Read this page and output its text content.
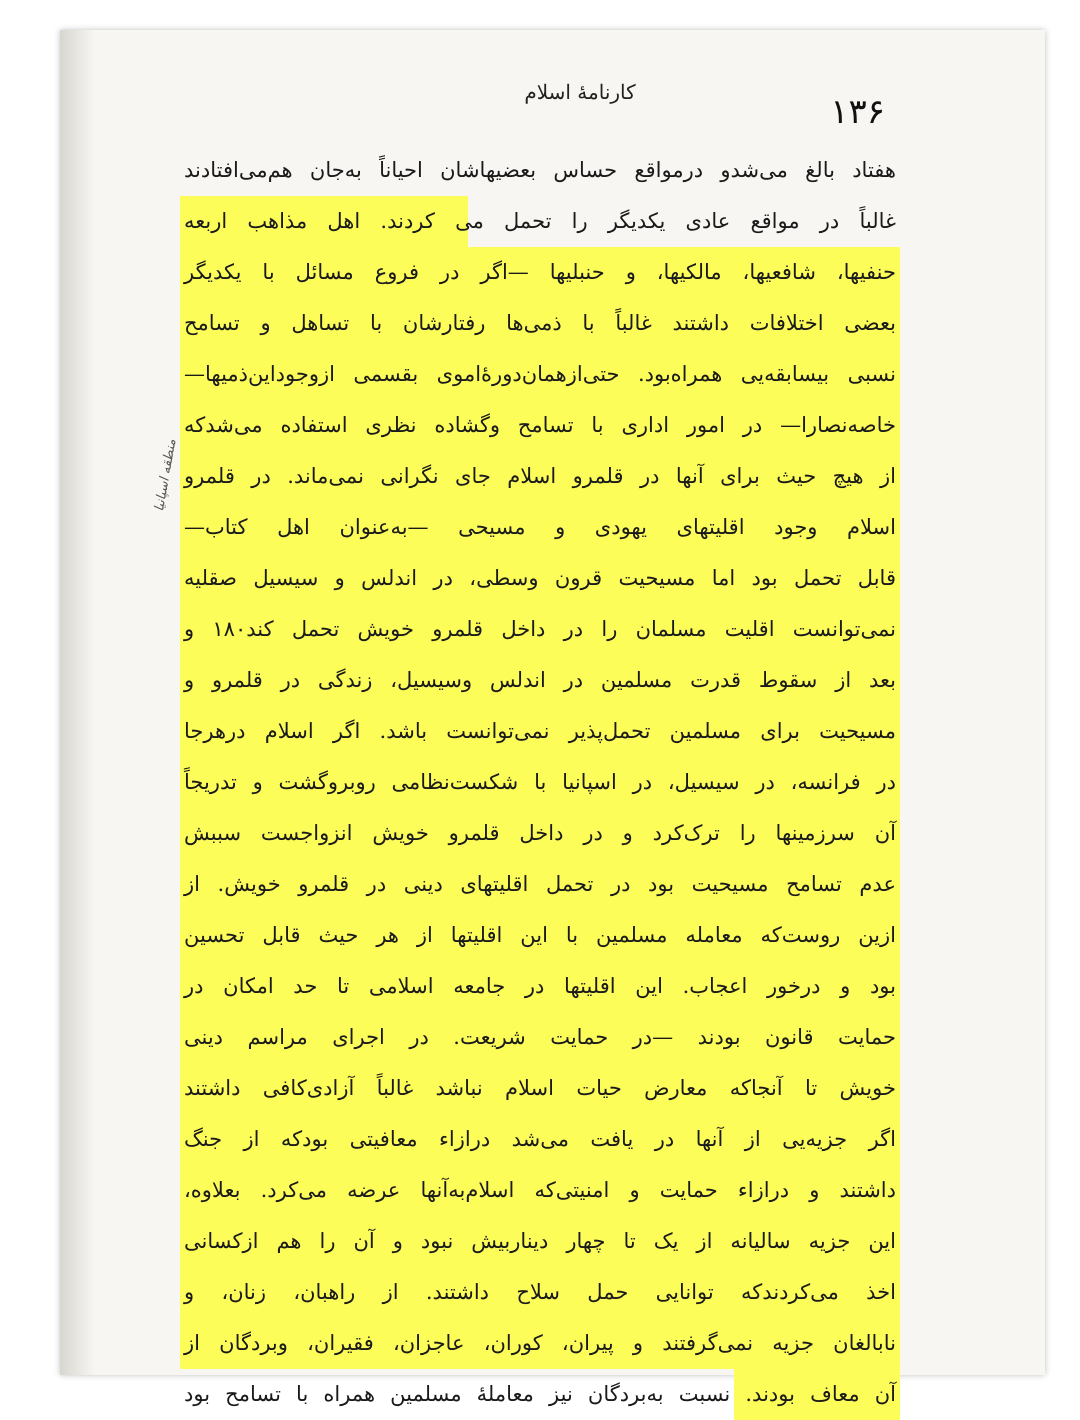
کارنامهٔ اسلام	۱۳۶
منطقه اسپانیا
هفتاد بالغ می‌شدو درمواقع حساس بعضیهاشان احیاناً به‌جان هم‌می‌افتادند
غالباً در مواقع عادی یکدیگر را تحمل می کردند. اهل مذاهب اربعه
حنفیها، شافعیها، مالکیها، و حنبلیها —اگر در فروع مسائل با یکدیگر
بعضی اختلافات داشتند غالباً با ذمی‌ها رفتارشان با تساهل و تسامح
نسبی بیسابقه‌یی همراه‌بود. حتی‌ازهمان‌دورهٔ‌اموی بقسمی ازوجوداین‌ذمیها—
خاصه‌نصارا— در امور اداری با تسامح وگشاده نظری استفاده می‌شدکه
از هیچ حیث برای آنها در قلمرو اسلام جای نگرانی نمی‌ماند. در قلمرو
اسلام وجود اقلیتهای یهودی و مسیحی —به‌عنوان اهل کتاب—
قابل تحمل بود اما مسیحیت قرون وسطی، در اندلس و سیسیل صقلیه
نمی‌توانست اقلیت مسلمان را در داخل قلمرو خویش تحمل کند۱۸۰ و
بعد از سقوط قدرت مسلمین در اندلس وسیسیل، زندگی در قلمرو و
مسیحیت برای مسلمین تحمل‌پذیر نمی‌توانست باشد. اگر اسلام درهرجا
در فرانسه، در سیسیل، در اسپانیا با شکست‌نظامی روبروگشت و تدریجاً
آن سرزمینها را ترک‌کرد و در داخل قلمرو خویش انزواجست سببش
عدم تسامح مسیحیت بود در تحمل اقلیتهای دینی در قلمرو خویش. از
ازین روست‌که معامله مسلمین با این اقلیتها از هر حیث قابل تحسین
بود و درخور اعجاب. این اقلیتها در جامعه اسلامی تا حد امکان در
حمایت قانون بودند —در حمایت شریعت. در اجرای مراسم دینی
خویش تا آنجاکه معارض حیات اسلام نباشد غالباً آزادی‌کافی داشتند
اگر جزیه‌یی از آنها در یافت می‌شد درازاء معافیتی بودکه از جنگ
داشتند و درازاء حمایت و امنیتی‌که اسلام‌به‌آنها عرضه می‌کرد. بعلاوه،
این جزیه سالیانه از یک تا چهار دیناربیش نبود و آن را هم ازکسانی
اخذ می‌کردندکه توانایی حمل سلاح داشتند. از راهبان، زنان، و
نابالغان جزیه نمی‌گرفتند و پیران، کوران، عاجزان، فقیران، وبردگان از
آن معاف بودند. نسبت به‌بردگان نیز معاملهٔ مسلمین همراه با تسامح بود
